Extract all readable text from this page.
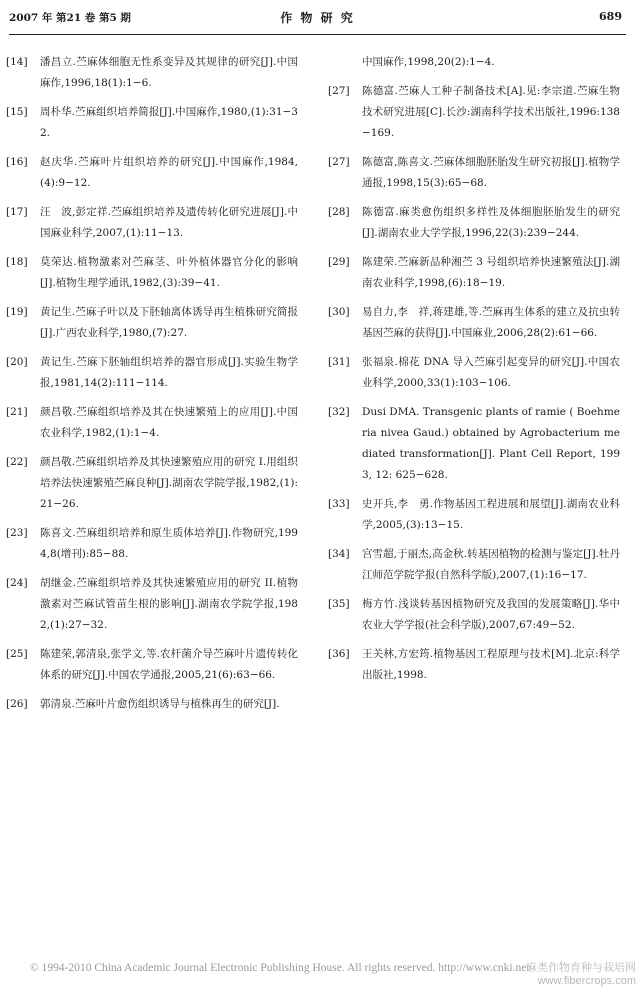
2007 年 第21 卷 第5 期	作 物 研 究	689
[14]	潘昌立.苎麻体细胞无性系变异及其规律的研究[J].中国麻作,1996,18(1):1−6.
[15]	周朴华.苎麻组织培养简报[J].中国麻作,1980,(1):31−32.
[16]	赵庆华.苎麻叶片组织培养的研究[J].中国麻作,1984,(4):9−12.
[17]	汪　波,彭定祥.苎麻组织培养及遗传转化研究进展[J].中国麻业科学,2007,(1):11−13.
[18]	莫荣达.植物激素对苎麻茎、叶外植体器官分化的影响[J].植物生理学通讯,1982,(3):39−41.
[19]	黄记生.苎麻子叶以及下胚轴离体诱导再生植株研究简报[J].广西农业科学,1980,(7):27.
[20]	黄记生.苎麻下胚轴组织培养的器官形成[J].实验生物学报,1981,14(2):111−114.
[21]	颜昌敬.苎麻组织培养及其在快速繁殖上的应用[J].中国农业科学,1982,(1):1−4.
[22]	颜昌敬.苎麻组织培养及其快速繁殖应用的研究 I.用组织培养法快速繁殖苎麻良种[J].湖南农学院学报,1982,(1):21−26.
[23]	陈喜文.苎麻组织培养和原生质体培养[J].作物研究,1994,8(增刊):85−88.
[24]	胡继金.苎麻组织培养及其快速繁殖应用的研究 II.植物激素对苎麻试管苗生根的影响[J].湖南农学院学报,1982,(1):27−32.
[25]	陈建荣,郭清泉,张学文,等.农杆菌介导苎麻叶片遗传转化体系的研究[J].中国农学通报,2005,21(6):63−66.
[26]	郭清泉.苎麻叶片愈伤组织诱导与植株再生的研究[J].
中国麻作,1998,20(2):1−4.
[27]	陈德富.苎麻人工种子制备技术[A].见:李宗道.苎麻生物技术研究进展[C].长沙:湖南科学技术出版社,1996:138−169.
[27]	陈德富,陈喜文.苎麻体细胞胚胎发生研究初报[J].植物学通报,1998,15(3):65−68.
[28]	陈德富.麻类愈伤组织多样性及体细胞胚胎发生的研究[J].湖南农业大学学报,1996,22(3):239−244.
[29]	陈建荣.苎麻新品种湘苎 3 号组织培养快速繁殖法[J].湖南农业科学,1998,(6):18−19.
[30]	易自力,李　祥,蒋建雄,等.苎麻再生体系的建立及抗虫转基因苎麻的获得[J].中国麻业,2006,28(2):61−66.
[31]	张福泉.棉花 DNA 导入苎麻引起变异的研究[J].中国农业科学,2000,33(1):103−106.
[32]	Dusi DMA. Transgenic plants of ramie ( Boehmeria nivea Gaud.) obtained by Agrobacterium mediated transformation[J]. Plant Cell Report, 1993, 12: 625−628.
[33]	史开兵,李　勇.作物基因工程进展和展望[J].湖南农业科学,2005,(3):13−15.
[34]	宫雪超,于丽杰,高金秋.转基因植物的检测与鉴定[J].牡丹江师范学院学报(自然科学版),2007,(1):16−17.
[35]	梅方竹.浅谈转基因植物研究及我国的发展策略[J].华中农业大学学报(社会科学版),2007,67:49−52.
[36]	王关林,方宏筠.植物基因工程原理与技术[M].北京:科学出版社,1998.
© 1994-2010 China Academic Journal Electronic Publishing House. All rights reserved. http://www.cnki.net
麻类作物育种与栽培网
www.fibercrops.com
